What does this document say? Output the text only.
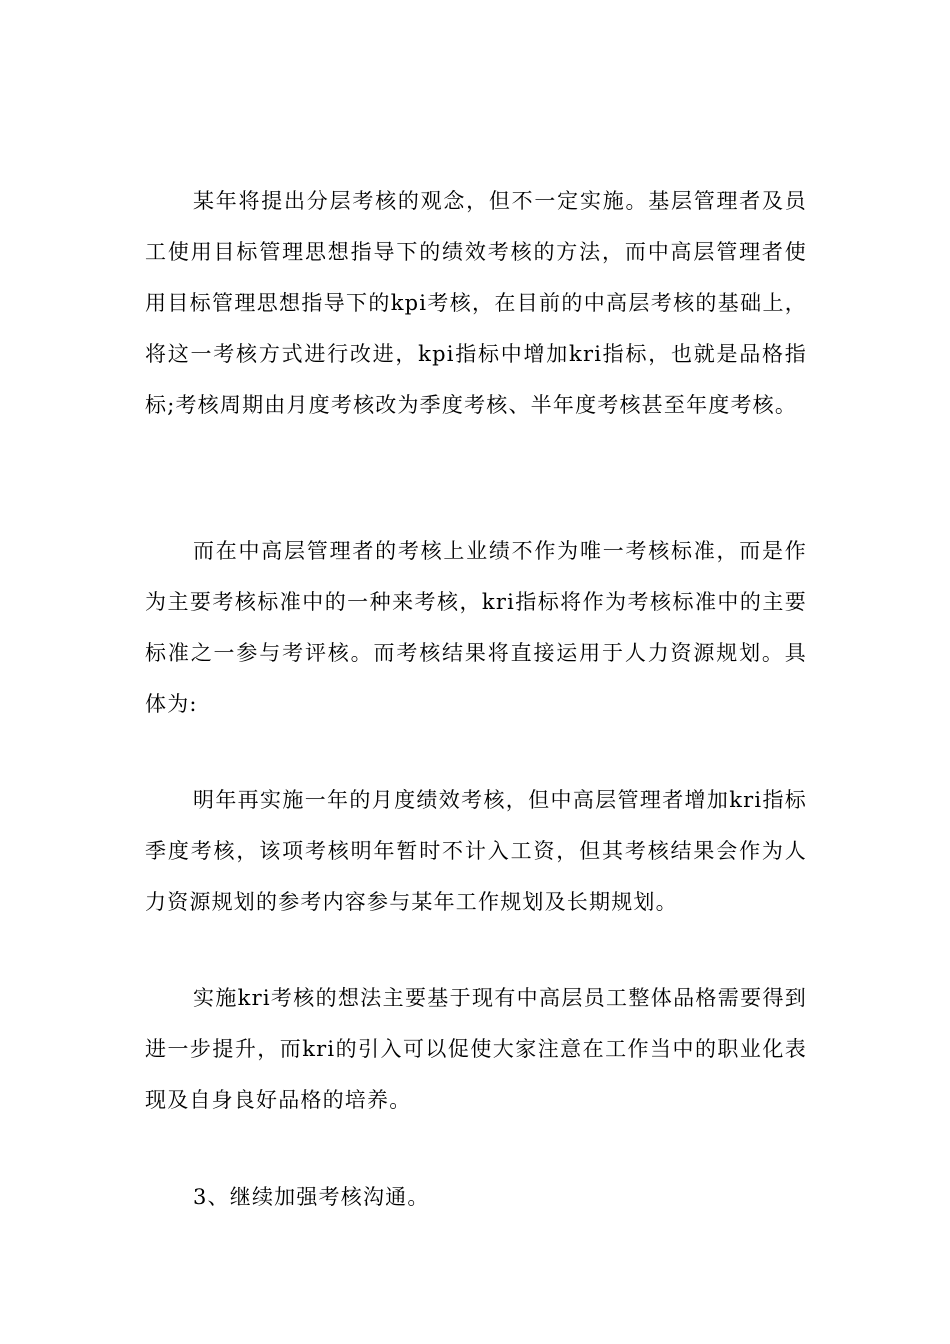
某年将提出分层考核的观念，但不一定实施。基层管理者及员工使用目标管理思想指导下的绩效考核的方法，而中高层管理者使用目标管理思想指导下的kpi考核，在目前的中高层考核的基础上，将这一考核方式进行改进，kpi指标中增加kri指标，也就是品格指标;考核周期由月度考核改为季度考核、半年度考核甚至年度考核。

而在中高层管理者的考核上业绩不作为唯一考核标准，而是作为主要考核标准中的一种来考核，kri指标将作为考核标准中的主要标准之一参与考评核。而考核结果将直接运用于人力资源规划。具体为:

明年再实施一年的月度绩效考核，但中高层管理者增加kri指标季度考核，该项考核明年暂时不计入工资，但其考核结果会作为人力资源规划的参考内容参与某年工作规划及长期规划。

实施kri考核的想法主要基于现有中高层员工整体品格需要得到进一步提升，而kri的引入可以促使大家注意在工作当中的职业化表现及自身良好品格的培养。

3、继续加强考核沟通。
